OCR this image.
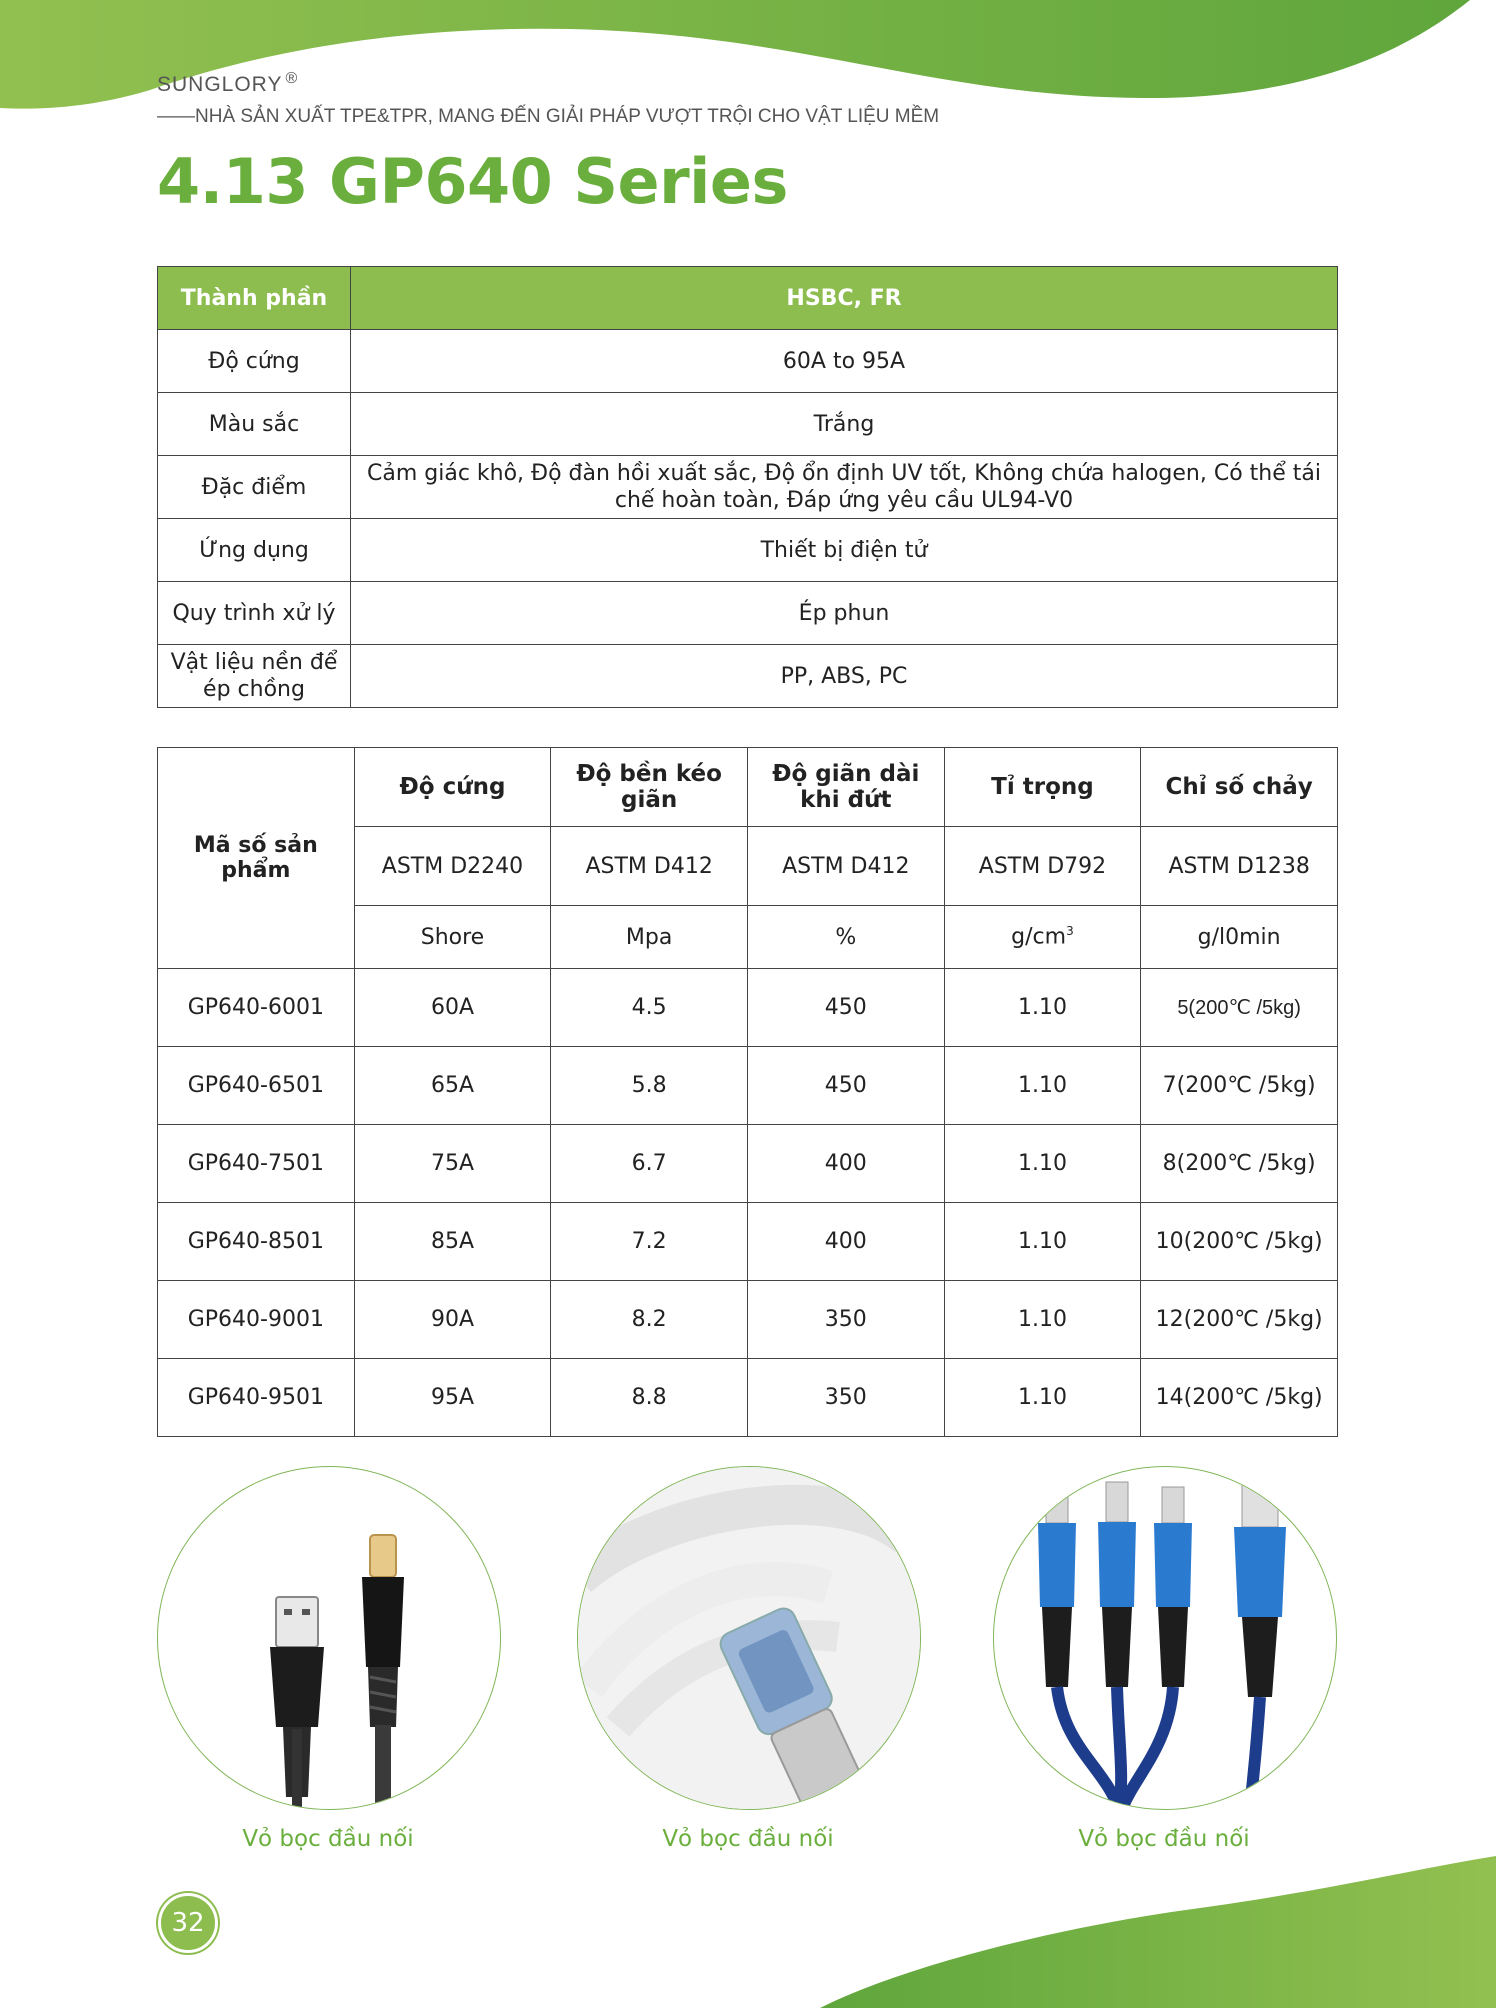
SUNGLORY ®
——NHÀ SẢN XUẤT TPE&TPR, MANG ĐẾN GIẢI PHÁP VƯỢT TRỘI CHO VẬT LIỆU MỀM
4.13 GP640 Series
Thành phần	HSBC, FR
Độ cứng	60A to 95A
Màu sắc	Trắng
Đặc điểm	Cảm giác khô, Độ đàn hồi xuất sắc, Độ ổn định UV tốt, Không chứa halogen, Có thể tái chế hoàn toàn, Đáp ứng yêu cầu UL94-V0
Ứng dụng	Thiết bị điện tử
Quy trình xử lý	Ép phun
Vật liệu nền để ép chồng	PP, ABS, PC
Mã số sản phẩm	Độ cứng	Độ bền kéo giãn	Độ giãn dài khi đứt	Tỉ trọng	Chỉ số chảy
	ASTM D2240	ASTM D412	ASTM D412	ASTM D792	ASTM D1238
	Shore	Mpa	%	$g/cm^3$	g/l0min
GP640-6001	60A	4.5	450	1.10	5(200℃ /5kg)
GP640-6501	65A	5.8	450	1.10	7(200℃ /5kg)
GP640-7501	75A	6.7	400	1.10	8(200℃ /5kg)
GP640-8501	85A	7.2	400	1.10	10(200℃ /5kg)
GP640-9001	90A	8.2	350	1.10	12(200℃ /5kg)
GP640-9501	95A	8.8	350	1.10	14(200℃ /5kg)
Vỏ bọc đầu nối	Vỏ bọc đầu nối	Vỏ bọc đầu nối
32
